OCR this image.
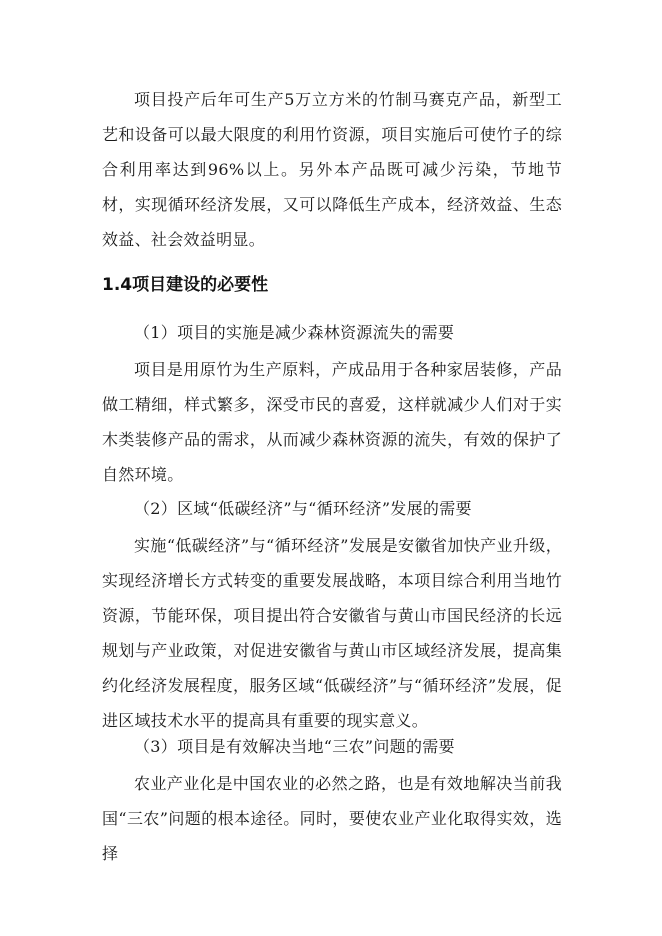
项目投产后年可生产5万立方米的竹制马赛克产品，新型工艺和设备可以最大限度的利用竹资源，项目实施后可使竹子的综合利用率达到96%以上。另外本产品既可减少污染，节地节材，实现循环经济发展，又可以降低生产成本，经济效益、生态效益、社会效益明显。

1.4项目建设的必要性

（1）项目的实施是减少森林资源流失的需要

项目是用原竹为生产原料，产成品用于各种家居装修，产品做工精细，样式繁多，深受市民的喜爱，这样就减少人们对于实木类装修产品的需求，从而减少森林资源的流失，有效的保护了自然环境。

（2）区域“低碳经济”与“循环经济”发展的需要

实施“低碳经济”与“循环经济”发展是安徽省加快产业升级，实现经济增长方式转变的重要发展战略，本项目综合利用当地竹资源，节能环保，项目提出符合安徽省与黄山市国民经济的长远规划与产业政策，对促进安徽省与黄山市区域经济发展，提高集约化经济发展程度，服务区域“低碳经济”与“循环经济”发展，促进区域技术水平的提高具有重要的现实意义。

（3）项目是有效解决当地“三农”问题的需要

农业产业化是中国农业的必然之路，也是有效地解决当前我国“三农”问题的根本途径。同时，要使农业产业化取得实效，选择
